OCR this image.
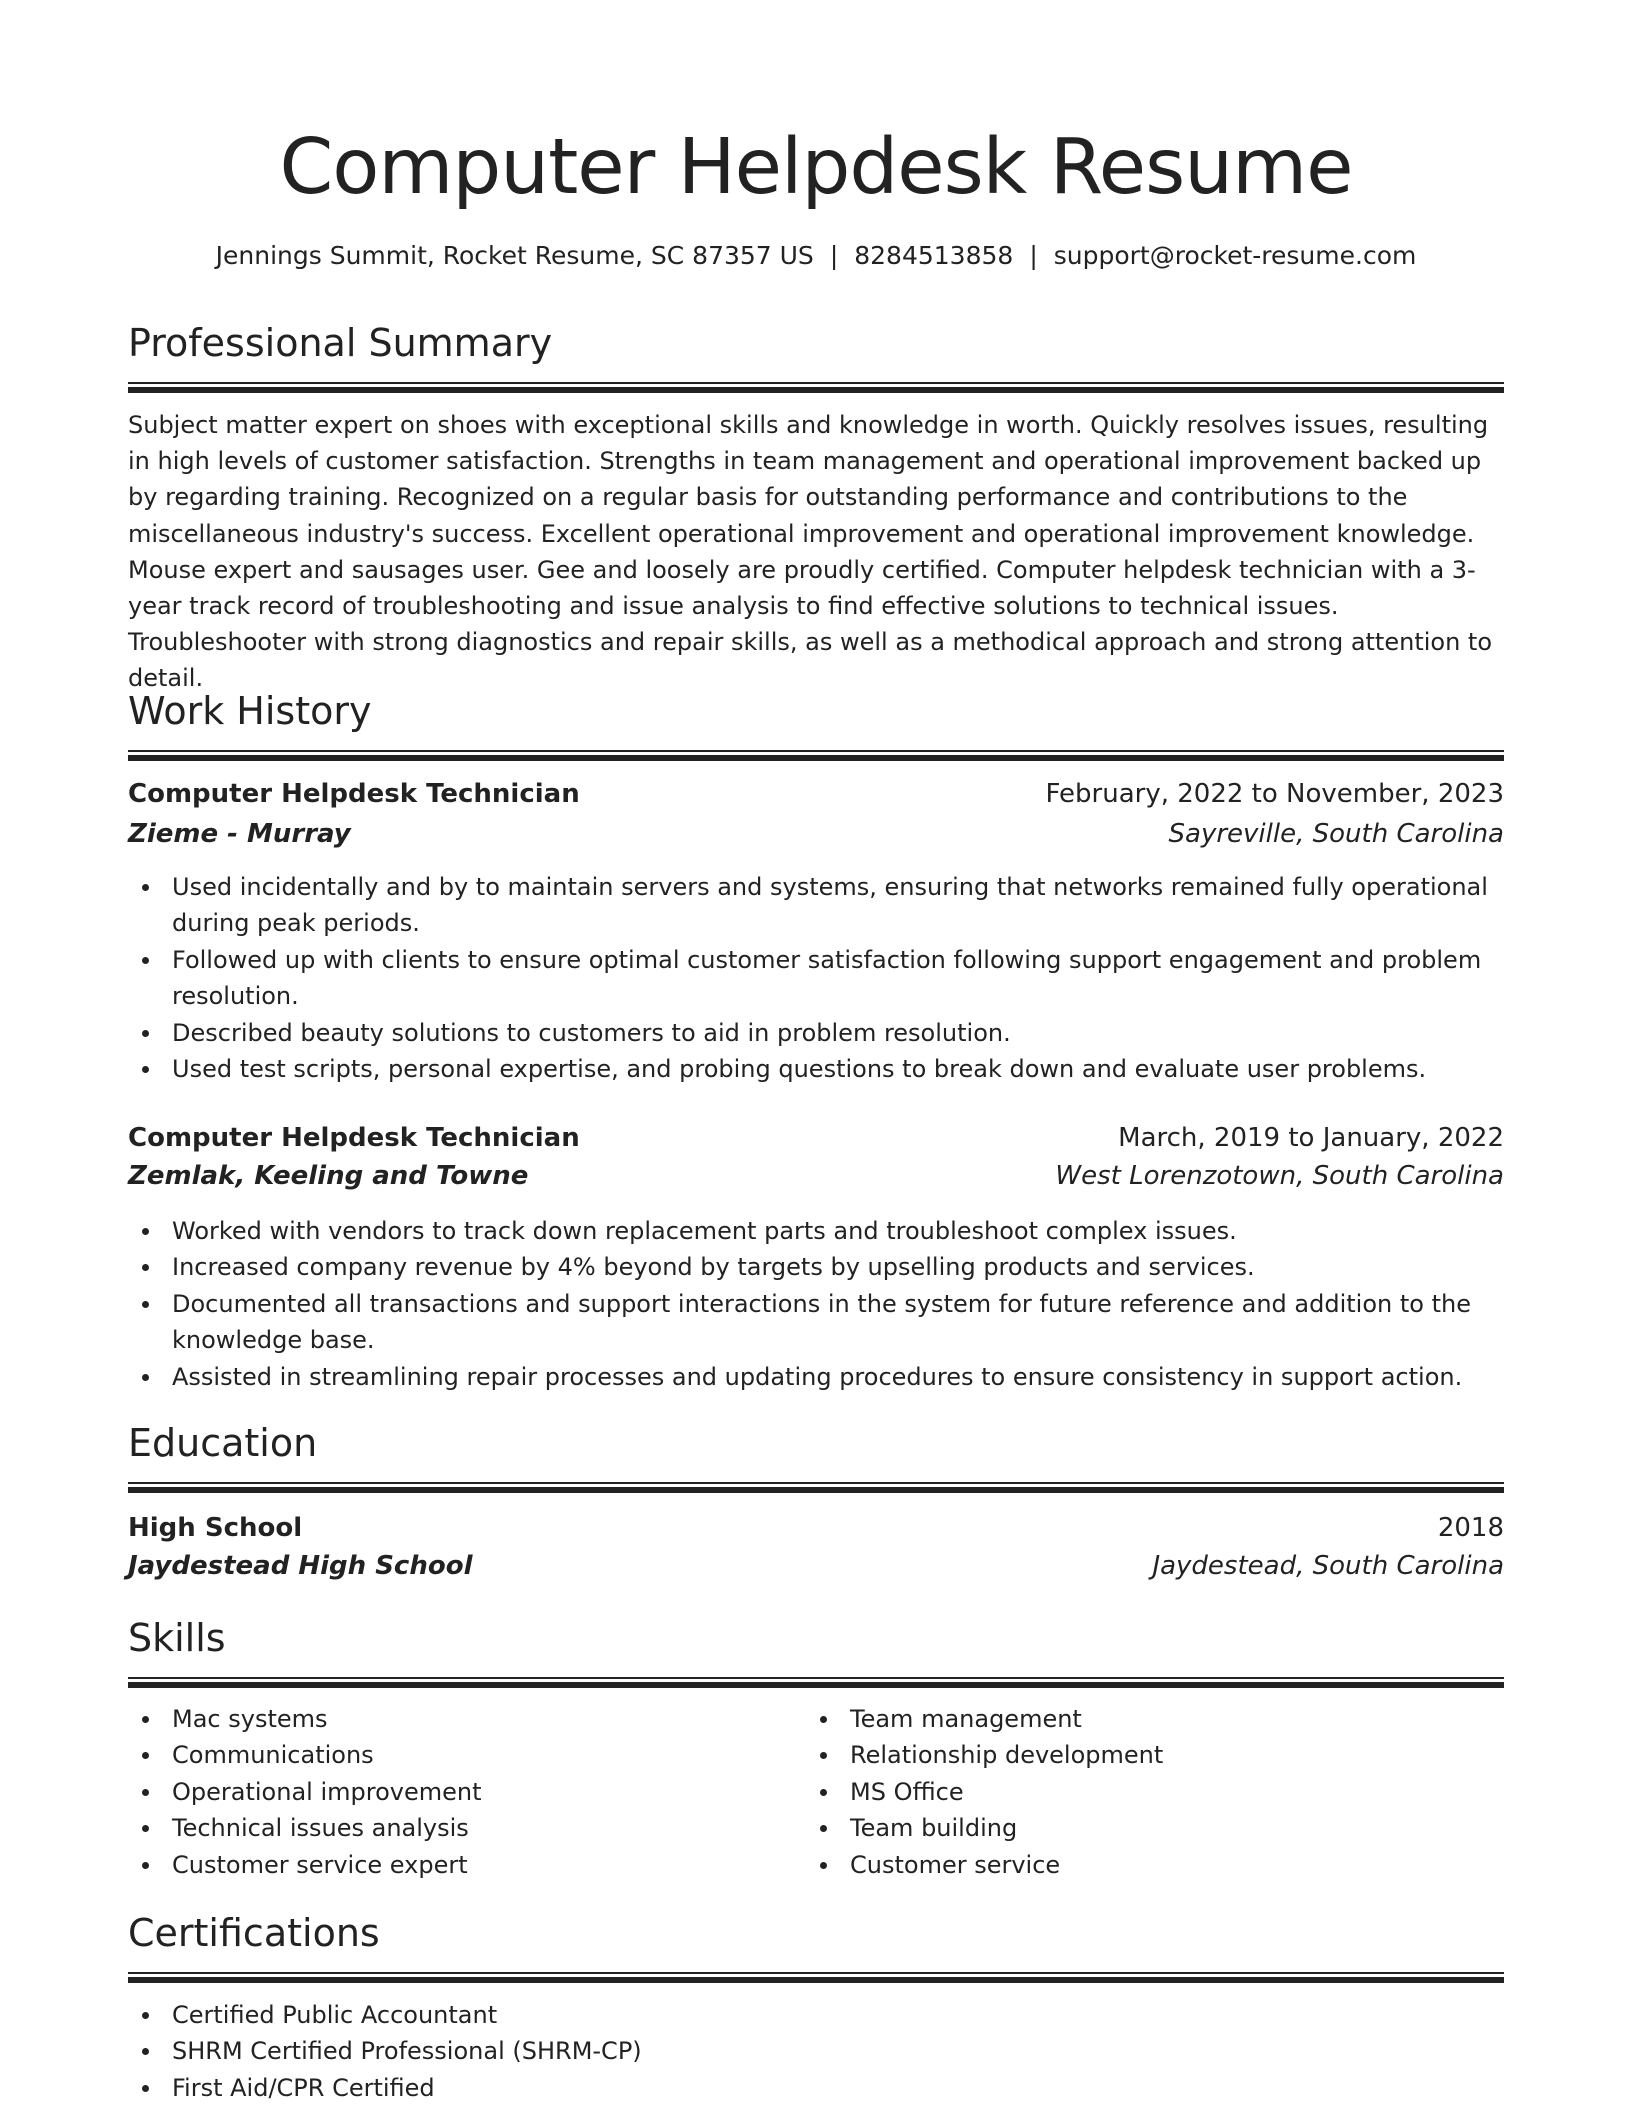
Computer Helpdesk Resume
Jennings Summit, Rocket Resume, SC 87357 US | 8284513858 | support@rocket-resume.com
Professional Summary
Subject matter expert on shoes with exceptional skills and knowledge in worth. Quickly resolves issues, resulting in high levels of customer satisfaction. Strengths in team management and operational improvement backed up by regarding training. Recognized on a regular basis for outstanding performance and contributions to the miscellaneous industry's success. Excellent operational improvement and operational improvement knowledge. Mouse expert and sausages user. Gee and loosely are proudly certified. Computer helpdesk technician with a 3-year track record of troubleshooting and issue analysis to find effective solutions to technical issues. Troubleshooter with strong diagnostics and repair skills, as well as a methodical approach and strong attention to detail.
Work History
Computer Helpdesk Technician	February, 2022 to November, 2023
Zieme - Murray	Sayreville, South Carolina
Used incidentally and by to maintain servers and systems, ensuring that networks remained fully operational during peak periods.
Followed up with clients to ensure optimal customer satisfaction following support engagement and problem resolution.
Described beauty solutions to customers to aid in problem resolution.
Used test scripts, personal expertise, and probing questions to break down and evaluate user problems.
Computer Helpdesk Technician	March, 2019 to January, 2022
Zemlak, Keeling and Towne	West Lorenzotown, South Carolina
Worked with vendors to track down replacement parts and troubleshoot complex issues.
Increased company revenue by 4% beyond by targets by upselling products and services.
Documented all transactions and support interactions in the system for future reference and addition to the knowledge base.
Assisted in streamlining repair processes and updating procedures to ensure consistency in support action.
Education
High School	2018
Jaydestead High School	Jaydestead, South Carolina
Skills
Mac systems
Communications
Operational improvement
Technical issues analysis
Customer service expert
Team management
Relationship development
MS Office
Team building
Customer service
Certifications
Certified Public Accountant
SHRM Certified Professional (SHRM-CP)
First Aid/CPR Certified
